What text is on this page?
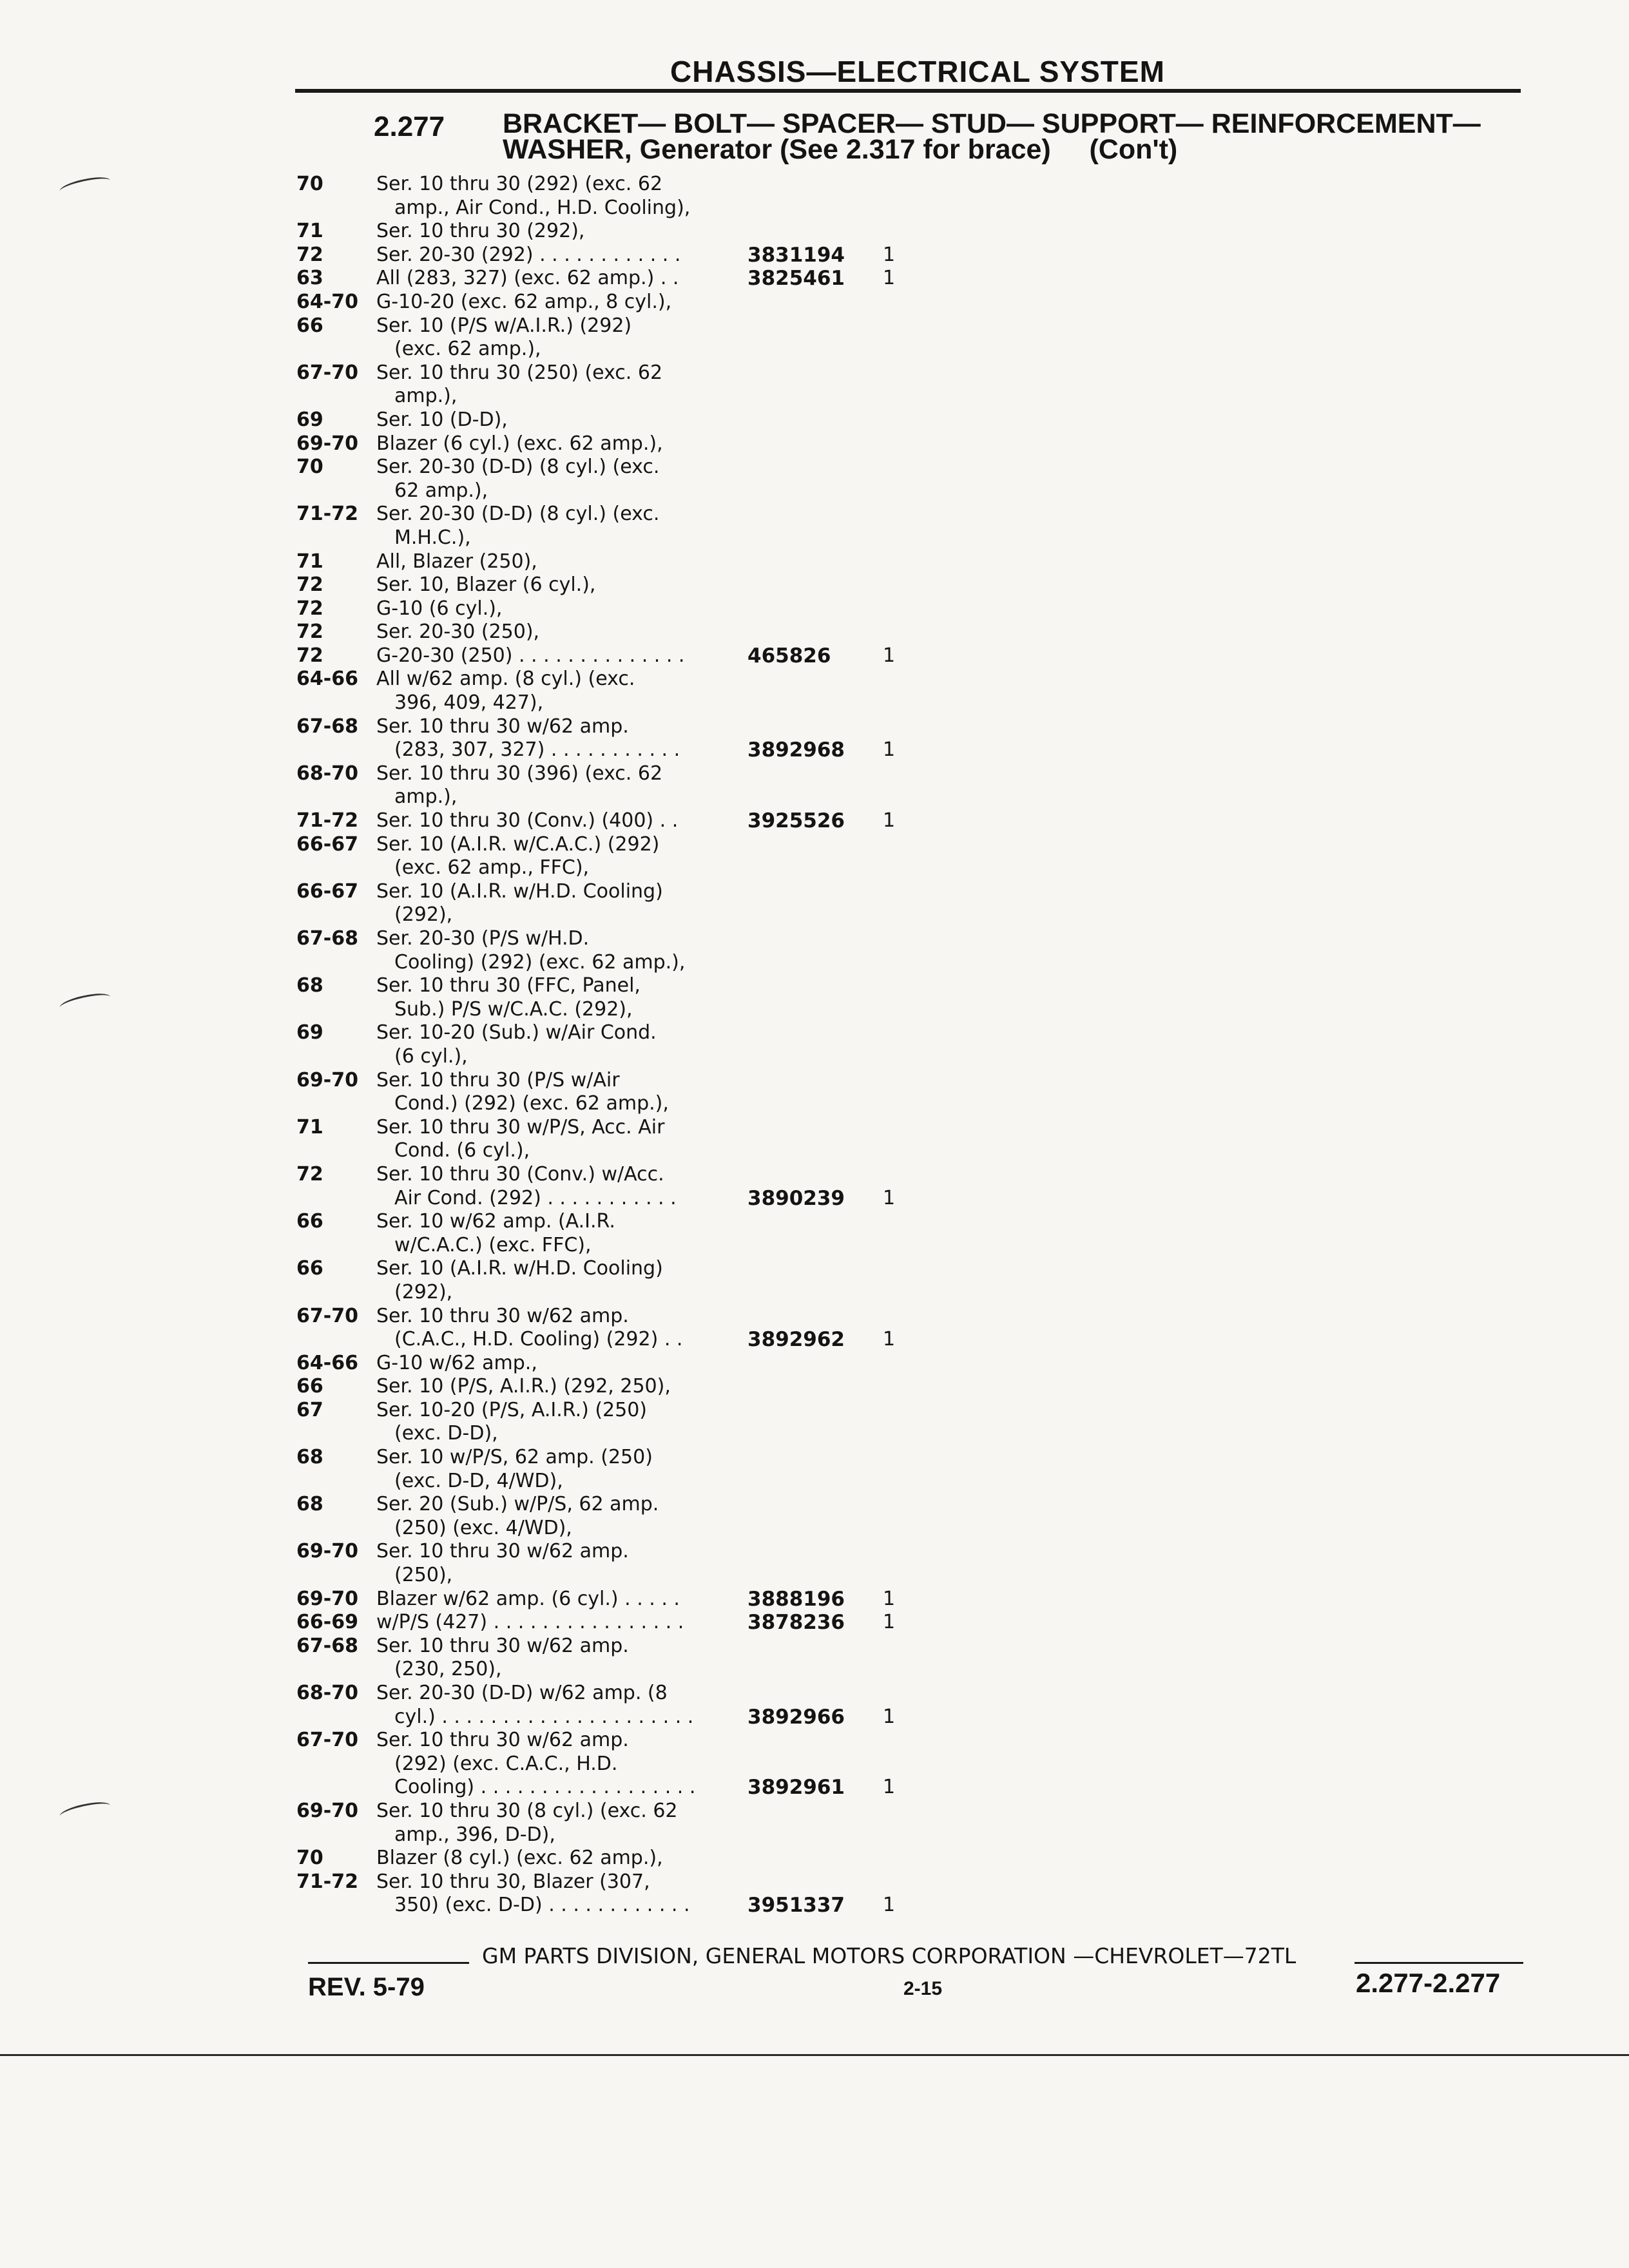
CHASSIS—ELECTRICAL SYSTEM
2.277 BRACKET— BOLT— SPACER— STUD— SUPPORT— REINFORCEMENT—
WASHER, Generator (See 2.317 for brace)     (Con't)
70	Ser. 10 thru 30 (292) (exc. 62
amp., Air Cond., H.D. Cooling),
71	Ser. 10 thru 30 (292),
72	Ser. 20-30 (292) . . . . . . . . . . . .	3831194 1
63	All (283, 327) (exc. 62 amp.) . .	3825461 1
64-70 G-10-20 (exc. 62 amp., 8 cyl.),
66	Ser. 10 (P/S w/A.I.R.) (292)
(exc. 62 amp.),
67-70 Ser. 10 thru 30 (250) (exc. 62
amp.),
69	Ser. 10 (D-D),
69-70 Blazer (6 cyl.) (exc. 62 amp.),
70	Ser. 20-30 (D-D) (8 cyl.) (exc.
62 amp.),
71-72 Ser. 20-30 (D-D) (8 cyl.) (exc.
M.H.C.),
71	All, Blazer (250),
72	Ser. 10, Blazer (6 cyl.),
72	G-10 (6 cyl.),
72	Ser. 20-30 (250),
72	G-20-30 (250) . . . . . . . . . . . . . .	465826	1
64-66 All w/62 amp. (8 cyl.) (exc.
396, 409, 427),
67-68 Ser. 10 thru 30 w/62 amp.
(283, 307, 327) . . . . . . . . . . .	3892968 1
68-70 Ser. 10 thru 30 (396) (exc. 62
amp.),
71-72 Ser. 10 thru 30 (Conv.) (400) . .	3925526 1
66-67 Ser. 10 (A.I.R. w/C.A.C.) (292)
(exc. 62 amp., FFC),
66-67 Ser. 10 (A.I.R. w/H.D. Cooling)
(292),
67-68 Ser. 20-30 (P/S w/H.D.
Cooling) (292) (exc. 62 amp.),
68	Ser. 10 thru 30 (FFC, Panel,
Sub.) P/S w/C.A.C. (292),
69	Ser. 10-20 (Sub.) w/Air Cond.
(6 cyl.),
69-70 Ser. 10 thru 30 (P/S w/Air
Cond.) (292) (exc. 62 amp.),
71	Ser. 10 thru 30 w/P/S, Acc. Air
Cond. (6 cyl.),
72	Ser. 10 thru 30 (Conv.) w/Acc.
Air Cond. (292) . . . . . . . . . . .	3890239 1
66	Ser. 10 w/62 amp. (A.I.R.
w/C.A.C.) (exc. FFC),
66	Ser. 10 (A.I.R. w/H.D. Cooling)
(292),
67-70 Ser. 10 thru 30 w/62 amp.
(C.A.C., H.D. Cooling) (292) . .	3892962 1
64-66 G-10 w/62 amp.,
66	Ser. 10 (P/S, A.I.R.) (292, 250),
67	Ser. 10-20 (P/S, A.I.R.) (250)
(exc. D-D),
68	Ser. 10 w/P/S, 62 amp. (250)
(exc. D-D, 4/WD),
68	Ser. 20 (Sub.) w/P/S, 62 amp.
(250) (exc. 4/WD),
69-70 Ser. 10 thru 30 w/62 amp.
(250),
69-70 Blazer w/62 amp. (6 cyl.) . . . . .	3888196 1
66-69 w/P/S (427) . . . . . . . . . . . . . . . .	3878236 1
67-68 Ser. 10 thru 30 w/62 amp.
(230, 250),
68-70 Ser. 20-30 (D-D) w/62 amp. (8
cyl.) . . . . . . . . . . . . . . . . . . . . .	3892966 1
67-70 Ser. 10 thru 30 w/62 amp.
(292) (exc. C.A.C., H.D.
Cooling) . . . . . . . . . . . . . . . . . .	3892961 1
69-70 Ser. 10 thru 30 (8 cyl.) (exc. 62
amp., 396, D-D),
70	Blazer (8 cyl.) (exc. 62 amp.),
71-72 Ser. 10 thru 30, Blazer (307,
350) (exc. D-D) . . . . . . . . . . . .	3951337 1
GM PARTS DIVISION, GENERAL MOTORS CORPORATION —CHEVROLET—72TL
REV. 5-79	2-15	2.277-2.277
